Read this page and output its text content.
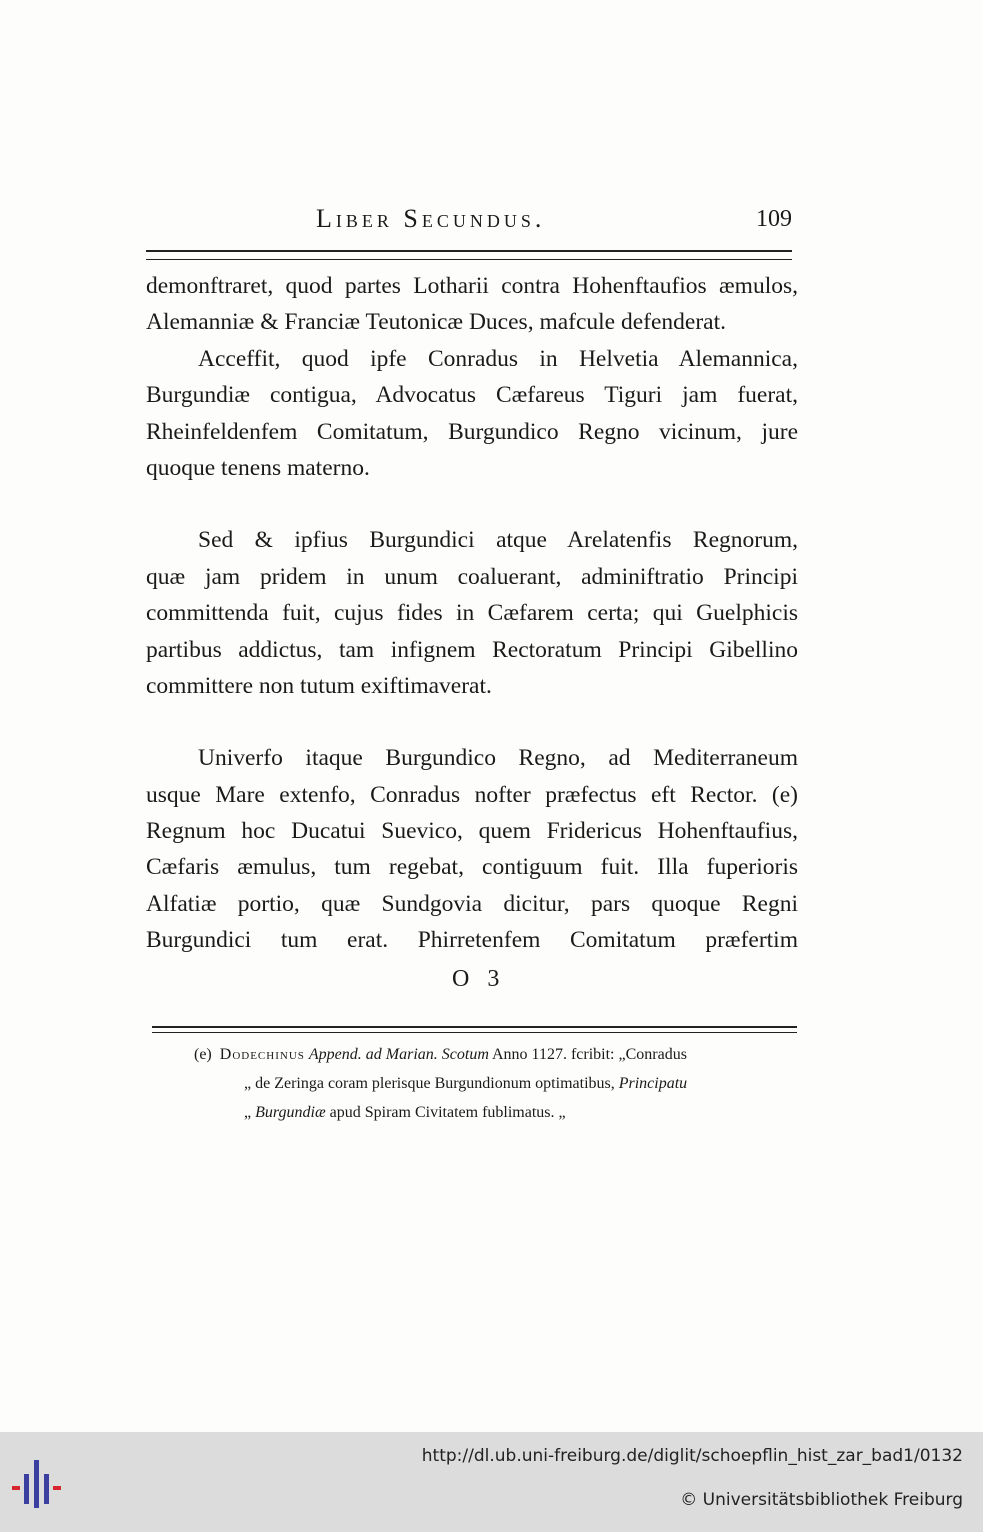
Liber Secundus.	109
demonftraret, quod partes Lotharii contra Hohenftaufios æmulos,
Alemanniæ & Franciæ Teutonicæ Duces, mafcule defenderat.
Acceffit, quod ipfe Conradus in Helvetia Alemannica,
Burgundiæ contigua, Advocatus Cæfareus Tiguri jam fuerat,
Rheinfeldenfem Comitatum, Burgundico Regno vicinum, jure
quoque tenens materno.
Sed & ipfius Burgundici atque Arelatenfis Regnorum,
quæ jam pridem in unum coaluerant, adminiftratio Principi
committenda fuit, cujus fides in Cæfarem certa; qui Guelphicis
partibus addictus, tam infignem Rectoratum Principi Gibellino
committere non tutum exiftimaverat.
Univerfo itaque Burgundico Regno, ad Mediterraneum
usque Mare extenfo, Conradus nofter præfectus eft Rector. (e)
Regnum hoc Ducatui Suevico, quem Fridericus Hohenftaufius,
Cæfaris æmulus, tum regebat, contiguum fuit. Illa fuperioris
Alfatiæ portio, quæ Sundgovia dicitur, pars quoque Regni
Burgundici tum erat. Phirretenfem Comitatum præfertim
O 3
(e) Dodechinus Append. ad Marian. Scotum Anno 1127. fcribit: „Conradus
„ de Zeringa coram plerisque Burgundionum optimatibus, Principatu
„ Burgundiæ apud Spiram Civitatem fublimatus. „
http://dl.ub.uni-freiburg.de/diglit/schoepflin_hist_zar_bad1/0132
© Universitätsbibliothek Freiburg
